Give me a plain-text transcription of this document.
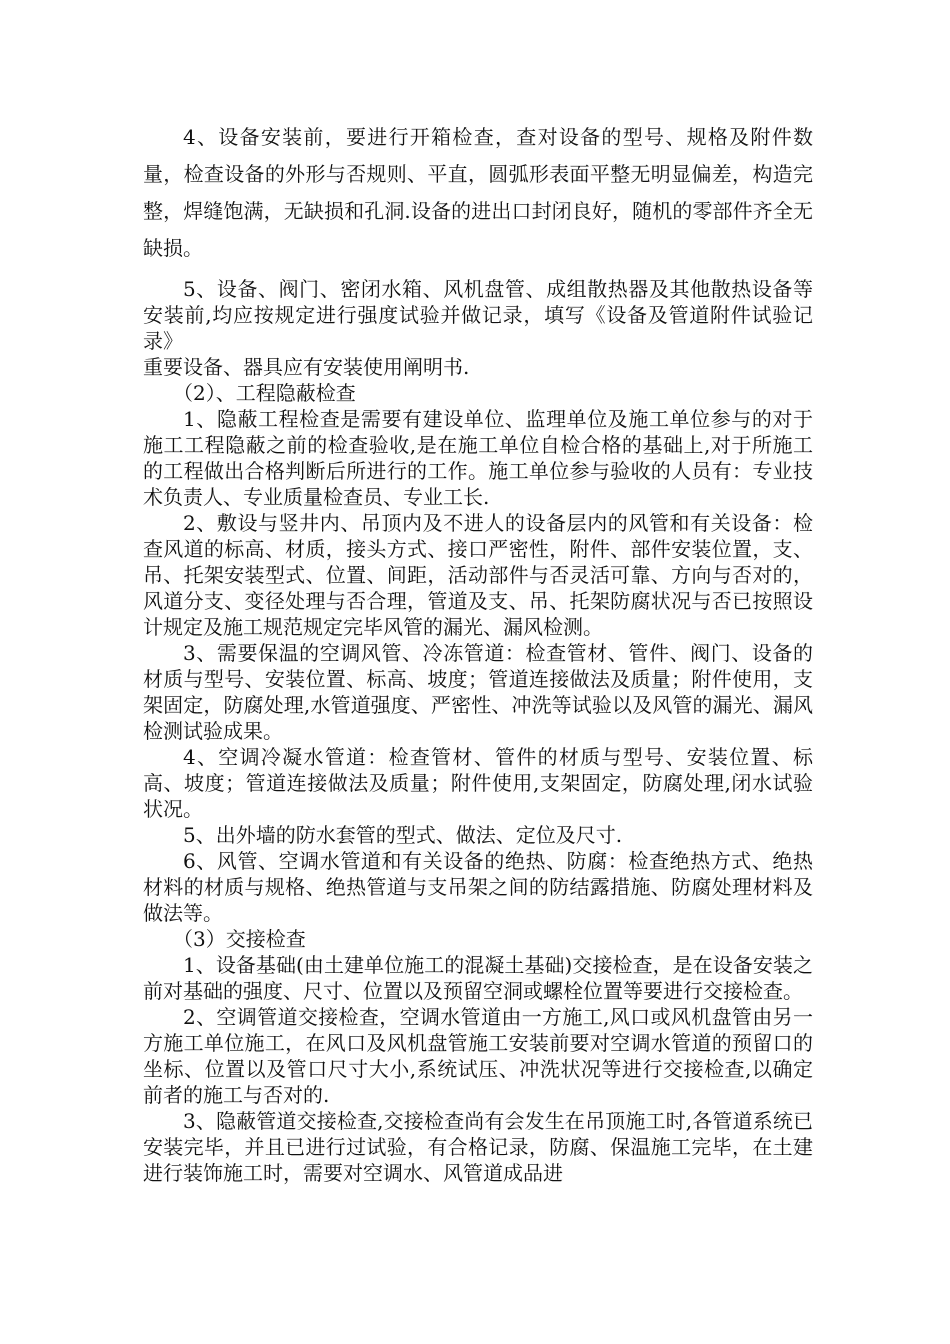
4、设备安装前，要进行开箱检查，查对设备的型号、规格及附件数量，检查设备的外形与否规则、平直，圆弧形表面平整无明显偏差，构造完整，焊缝饱满，无缺损和孔洞.设备的进出口封闭良好，随机的零部件齐全无缺损。

5、设备、阀门、密闭水箱、风机盘管、成组散热器及其他散热设备等安装前,均应按规定进行强度试验并做记录，填写《设备及管道附件试验记录》

重要设备、器具应有安装使用阐明书.

（2）、工程隐蔽检查

1、隐蔽工程检查是需要有建设单位、监理单位及施工单位参与的对于施工工程隐蔽之前的检查验收,是在施工单位自检合格的基础上,对于所施工的工程做出合格判断后所进行的工作。施工单位参与验收的人员有：专业技术负责人、专业质量检查员、专业工长.

2、敷设与竖井内、吊顶内及不进人的设备层内的风管和有关设备：检查风道的标高、材质，接头方式、接口严密性，附件、部件安装位置，支、吊、托架安装型式、位置、间距，活动部件与否灵活可靠、方向与否对的，风道分支、变径处理与否合理，管道及支、吊、托架防腐状况与否已按照设计规定及施工规范规定完毕风管的漏光、漏风检测。

3、需要保温的空调风管、冷冻管道：检查管材、管件、阀门、设备的材质与型号、安装位置、标高、坡度；管道连接做法及质量；附件使用，支架固定，防腐处理,水管道强度、严密性、冲洗等试验以及风管的漏光、漏风检测试验成果。

4、空调冷凝水管道：检查管材、管件的材质与型号、安装位置、标高、坡度；管道连接做法及质量；附件使用,支架固定，防腐处理,闭水试验状况。

5、出外墙的防水套管的型式、做法、定位及尺寸.

6、风管、空调水管道和有关设备的绝热、防腐：检查绝热方式、绝热材料的材质与规格、绝热管道与支吊架之间的防结露措施、防腐处理材料及做法等。

（3）交接检查

1、设备基础(由土建单位施工的混凝土基础)交接检查，是在设备安装之前对基础的强度、尺寸、位置以及预留空洞或螺栓位置等要进行交接检查。

2、空调管道交接检查，空调水管道由一方施工,风口或风机盘管由另一方施工单位施工，在风口及风机盘管施工安装前要对空调水管道的预留口的坐标、位置以及管口尺寸大小,系统试压、冲洗状况等进行交接检查,以确定前者的施工与否对的.

3、隐蔽管道交接检查,交接检查尚有会发生在吊顶施工时,各管道系统已安装完毕，并且已进行过试验，有合格记录，防腐、保温施工完毕，在土建进行装饰施工时，需要对空调水、风管道成品进
